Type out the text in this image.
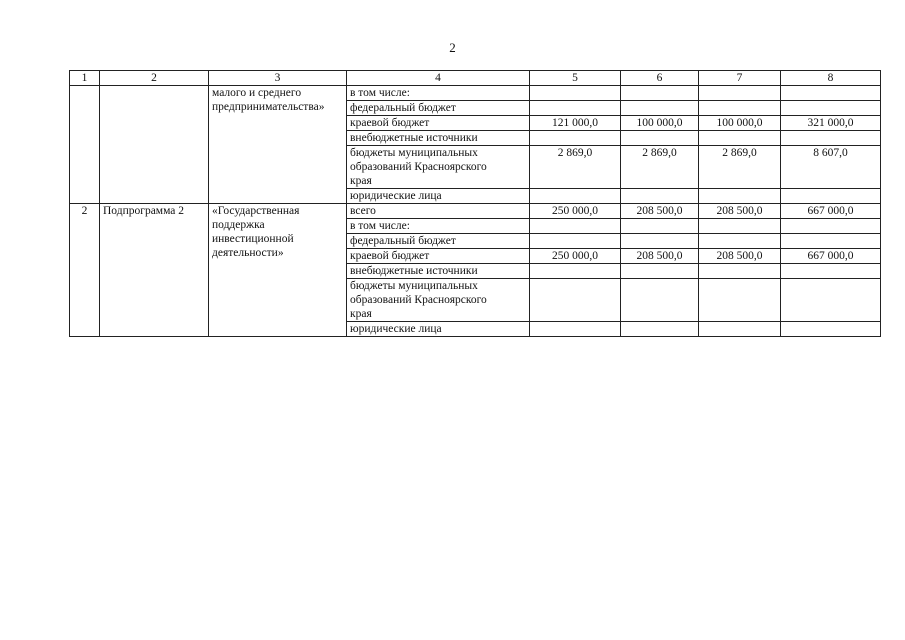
2
1	2	3	4	5	6	7	8
		малого и среднего
предпринимательства»	в том числе:				
			федеральный бюджет				
			краевой бюджет	121 000,0	100 000,0	100 000,0	321 000,0
			внебюджетные источники				
			бюджеты муниципальных
образований Красноярского
края	2 869,0	2 869,0	2 869,0	8 607,0
			юридические лица				
2	Подпрограмма 2	«Государственная
поддержка
инвестиционной
деятельности»	всего	250 000,0	208 500,0	208 500,0	667 000,0
			в том числе:				
			федеральный бюджет				
			краевой бюджет	250 000,0	208 500,0	208 500,0	667 000,0
			внебюджетные источники				
			бюджеты муниципальных
образований Красноярского
края				
			юридические лица				
